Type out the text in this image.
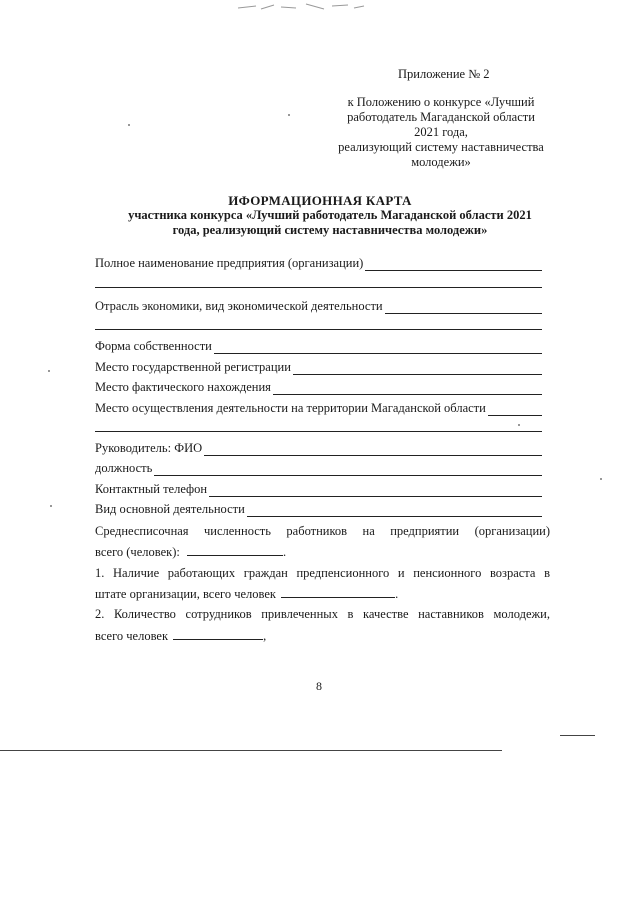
Приложение № 2
к Положению о конкурсе «Лучший
работодатель Магаданской области
2021 года,
реализующий систему наставничества
молодежи»
ИФОРМАЦИОННАЯ КАРТА
участника конкурса «Лучший работодатель Магаданской области 2021
года, реализующий систему наставничества молодежи»
Полное наименование предприятия (организации)
Отрасль экономики, вид экономической деятельности
Форма собственности
Место государственной регистрации
Место фактического нахождения
Место осуществления деятельности на территории Магаданской области
Руководитель: ФИО
должность
Контактный телефон
Вид основной деятельности
Среднесписочная численность работников на предприятии (организации)
всего (человек):	.
1. Наличие работающих граждан предпенсионного и пенсионного возраста в
штате организации, всего человек	.
2. Количество сотрудников привлеченных в качестве наставников молодежи,
всего человек	,
8
